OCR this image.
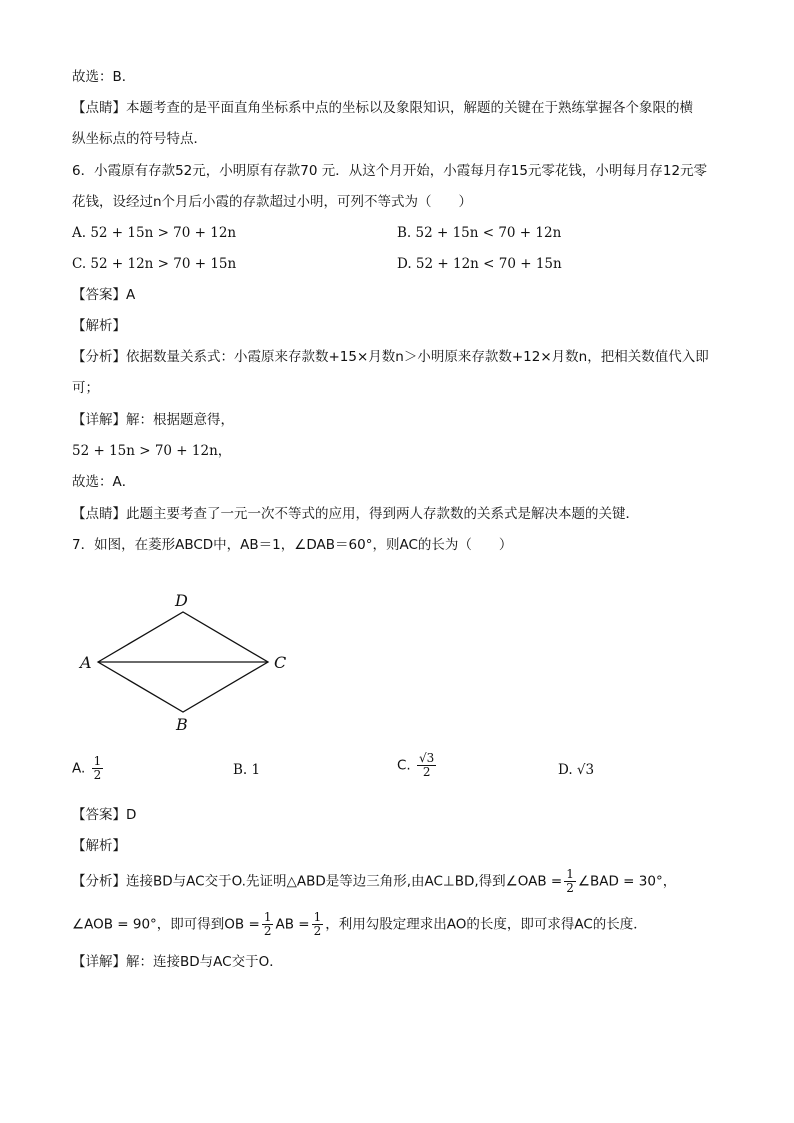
故选：B．
【点睛】本题考查的是平面直角坐标系中点的坐标以及象限知识，解题的关键在于熟练掌握各个象限的横
纵坐标点的符号特点．
6．小霞原有存款52元，小明原有存款70 元．从这个月开始，小霞每月存15元零花钱，小明每月存12元零
花钱，设经过n个月后小霞的存款超过小明，可列不等式为（　　）
A. 52 + 15n > 70 + 12n	B. 52 + 15n < 70 + 12n
C. 52 + 12n > 70 + 15n	D. 52 + 12n < 70 + 15n
【答案】A
【解析】
【分析】依据数量关系式：小霞原来存款数+15×月数n＞小明原来存款数+12×月数n，把相关数值代入即
可；
【详解】解：根据题意得，
52 + 15n > 70 + 12n，
故选：A．
【点睛】此题主要考查了一元一次不等式的应用，得到两人存款数的关系式是解决本题的关键．
7．如图，在菱形ABCD中，AB＝1，∠DAB＝60°，则AC的长为（　　）
D
A	C
B
A. $\frac{1}{2}$	B. 1	C. $\frac{√3}{2}$	D. √3
【答案】D
【解析】
【分析】连接BD与AC交于O.先证明△ABD是等边三角形,由AC⊥BD,得到∠OAB = $\frac{1}{2}$ ∠BAD = 30°，
∠AOB = 90°，即可得到OB = $\frac{1}{2}$ AB = $\frac{1}{2}$ ，利用勾股定理求出AO的长度，即可求得AC的长度．
【详解】解：连接BD与AC交于O．
